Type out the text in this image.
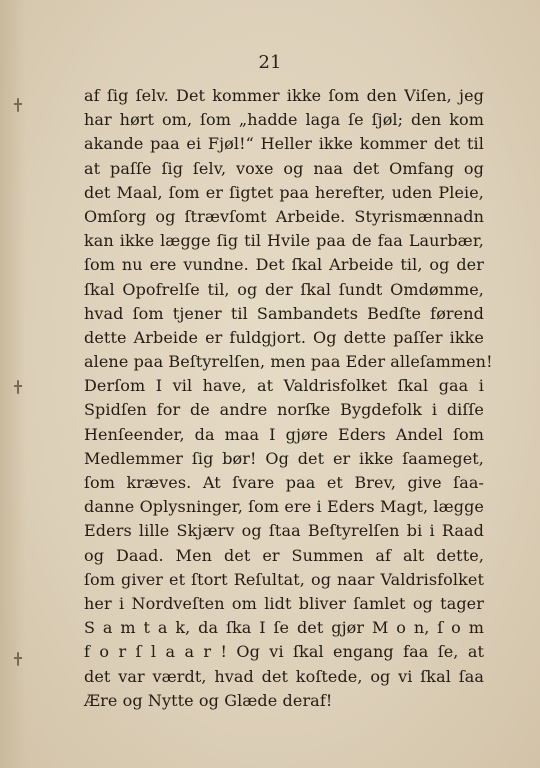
21
af ſig ſelv. Det kommer ikke ſom den Viſen, jeg
har hørt om, ſom „hadde laga ſe ſjøl; den kom
akande paa ei Fjøl!“ Heller ikke kommer det til
at paſſe ſig ſelv, voxe og naa det Omfang og
det Maal, ſom er ſigtet paa herefter, uden Pleie,
Omſorg og ſtrævſomt Arbeide. Styrismænnadn
kan ikke lægge ſig til Hvile paa de faa Laurbær,
ſom nu ere vundne. Det ſkal Arbeide til, og der
ſkal Opofrelſe til, og der ſkal ſundt Omdømme,
hvad ſom tjener til Sambandets Bedſte førend
dette Arbeide er fuldgjort. Og dette paſſer ikke
alene paa Beſtyrelſen, men paa Eder alleſammen!
Derſom I vil have, at Valdrisfolket ſkal gaa i
Spidſen for de andre norſke Bygdefolk i diſſe
Henſeender, da maa I gjøre Eders Andel ſom
Medlemmer ſig bør! Og det er ikke ſaameget,
ſom kræves. At ſvare paa et Brev, give ſaa-
danne Oplysninger, ſom ere i Eders Magt, lægge
Eders lille Skjærv og ſtaa Beſtyrelſen bi i Raad
og Daad. Men det er Summen af alt dette,
ſom giver et ſtort Reſultat, og naar Valdrisfolket
her i Nordveſten om lidt bliver ſamlet og tager
S a m t a k, da ſka I ſe det gjør M o n, ſ o m
f o r ſ l a a r ! Og vi ſkal engang faa ſe, at
det var værdt, hvad det koſtede, og vi ſkal ſaa
Ære og Nytte og Glæde deraf!
